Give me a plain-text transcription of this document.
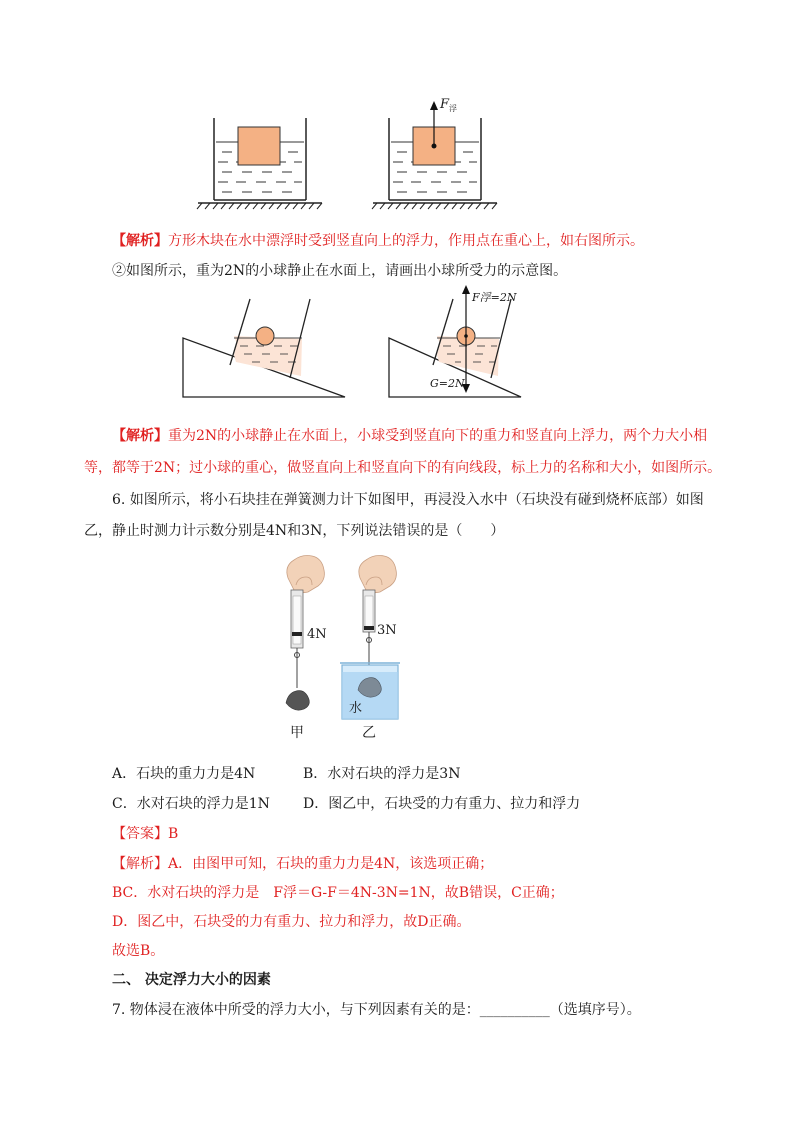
$F_浮$
【解析】方形木块在水中漂浮时受到竖直向上的浮力，作用点在重心上，如右图所示。
②如图所示，重为2N的小球静止在水面上，请画出小球所受力的示意图。
F浮=2N
G=2N
【解析】重为2N的小球静止在水面上，小球受到竖直向下的重力和竖直向上浮力，两个力大小相
等，都等于2N；过小球的重心，做竖直向上和竖直向下的有向线段，标上力的名称和大小，如图所示。
6. 如图所示，将小石块挂在弹簧测力计下如图甲，再浸没入水中（石块没有碰到烧杯底部）如图
乙，静止时测力计示数分别是4N和3N，下列说法错误的是（　　）
4N	3N
水
甲	乙
A．石块的重力力是4N	B．水对石块的浮力是3N
C．水对石块的浮力是1N D．图乙中，石块受的力有重力、拉力和浮力
【答案】B
【解析】A．由图甲可知，石块的重力力是4N，该选项正确；
BC．水对石块的浮力是　F浮＝G-F＝4N-3N=1N，故B错误，C正确；
D．图乙中，石块受的力有重力、拉力和浮力，故D正确。
故选B。
二、 决定浮力大小的因素
7. 物体浸在液体中所受的浮力大小，与下列因素有关的是：__________（选填序号）。
